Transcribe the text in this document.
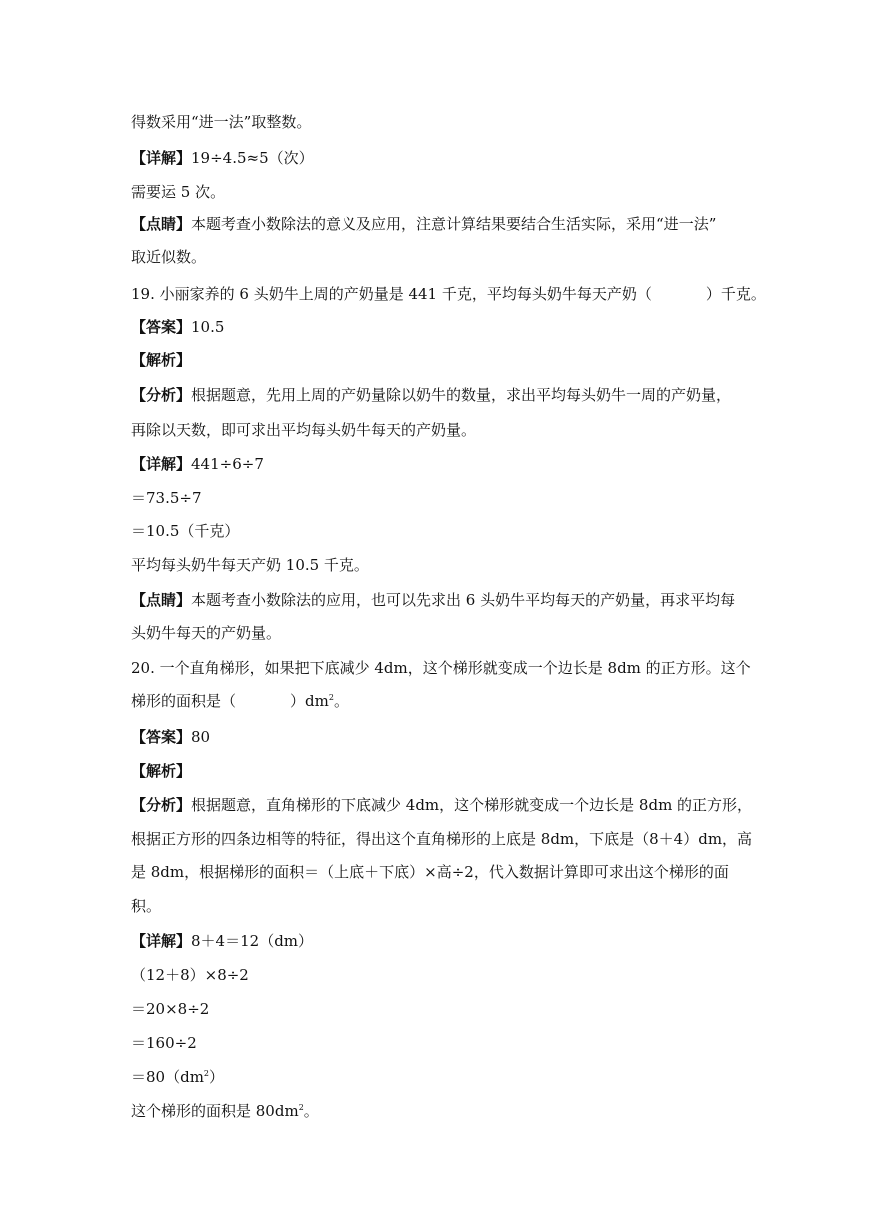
得数采用“进一法”取整数。
【详解】19÷4.5≈5（次）
需要运 5 次。
【点睛】本题考查小数除法的意义及应用，注意计算结果要结合生活实际，采用“进一法”
取近似数。
19. 小丽家养的 6 头奶牛上周的产奶量是 441 千克，平均每头奶牛每天产奶（	）千克。
【答案】10.5
【解析】
【分析】根据题意，先用上周的产奶量除以奶牛的数量，求出平均每头奶牛一周的产奶量，
再除以天数，即可求出平均每头奶牛每天的产奶量。
【详解】441÷6÷7
＝73.5÷7
＝10.5（千克）
平均每头奶牛每天产奶 10.5 千克。
【点睛】本题考查小数除法的应用，也可以先求出 6 头奶牛平均每天的产奶量，再求平均每
头奶牛每天的产奶量。
20. 一个直角梯形，如果把下底减少 4dm，这个梯形就变成一个边长是 8dm 的正方形。这个
梯形的面积是（	）$dm^2$。
【答案】80
【解析】
【分析】根据题意，直角梯形的下底减少 4dm，这个梯形就变成一个边长是 8dm 的正方形，
根据正方形的四条边相等的特征，得出这个直角梯形的上底是 8dm，下底是（8＋4）dm，高
是 8dm，根据梯形的面积＝（上底＋下底）×高÷2，代入数据计算即可求出这个梯形的面
积。
【详解】8＋4＝12（dm）
（12＋8）×8÷2
＝20×8÷2
＝160÷2
$=80(dm^2)$
这个梯形的面积是 $80dm^2$。
